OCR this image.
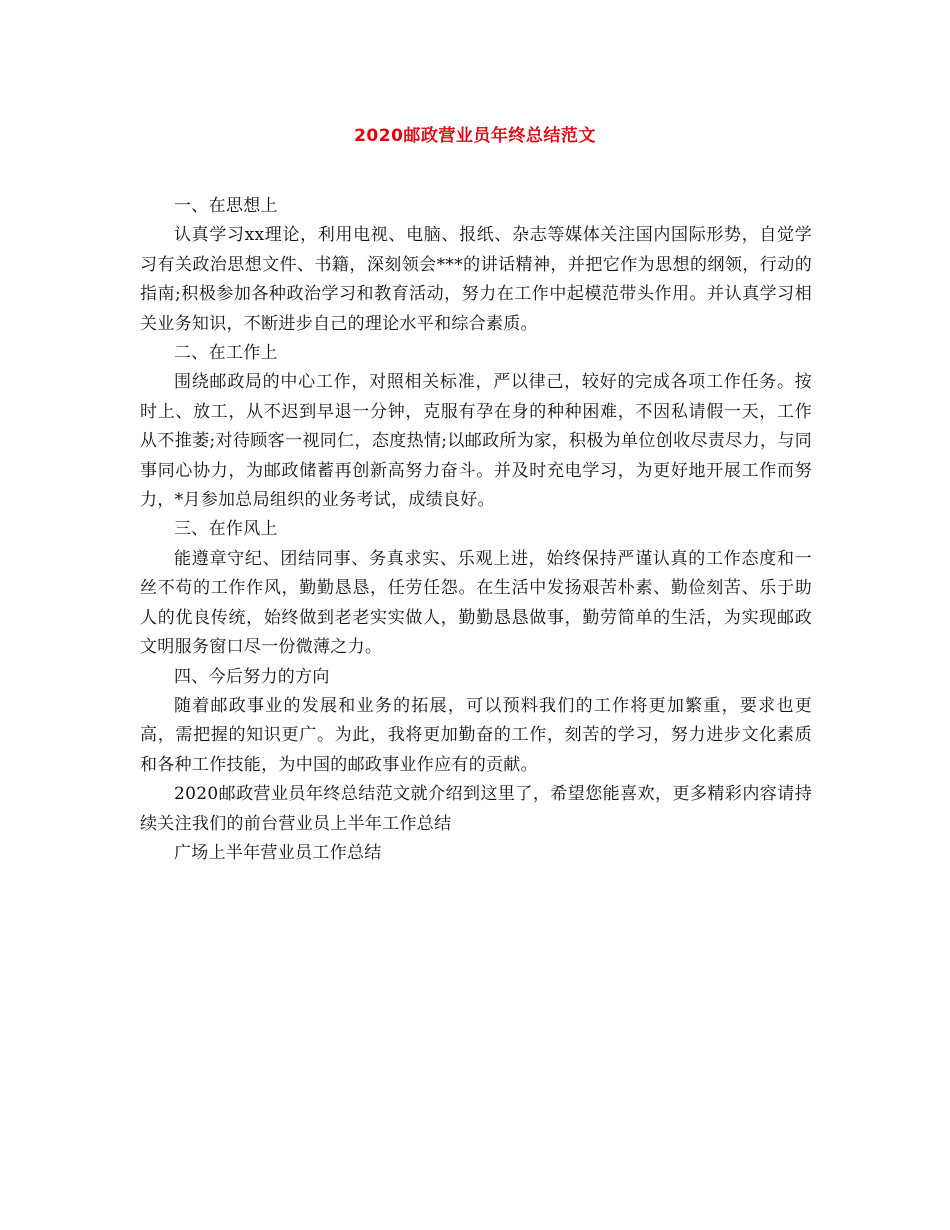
2020邮政营业员年终总结范文

一、在思想上

认真学习xx理论，利用电视、电脑、报纸、杂志等媒体关注国内国际形势，自觉学习有关政治思想文件、书籍，深刻领会***的讲话精神，并把它作为思想的纲领，行动的指南;积极参加各种政治学习和教育活动，努力在工作中起模范带头作用。并认真学习相关业务知识，不断进步自己的理论水平和综合素质。

二、在工作上

围绕邮政局的中心工作，对照相关标准，严以律己，较好的完成各项工作任务。按时上、放工，从不迟到早退一分钟，克服有孕在身的种种困难，不因私请假一天，工作从不推萎;对待顾客一视同仁，态度热情;以邮政所为家，积极为单位创收尽责尽力，与同事同心协力，为邮政储蓄再创新高努力奋斗。并及时充电学习，为更好地开展工作而努力，*月参加总局组织的业务考试，成绩良好。

三、在作风上

能遵章守纪、团结同事、务真求实、乐观上进，始终保持严谨认真的工作态度和一丝不苟的工作作风，勤勤恳恳，任劳任怨。在生活中发扬艰苦朴素、勤俭刻苦、乐于助人的优良传统，始终做到老老实实做人，勤勤恳恳做事，勤劳简单的生活，为实现邮政文明服务窗口尽一份微薄之力。

四、今后努力的方向

随着邮政事业的发展和业务的拓展，可以预料我们的工作将更加繁重，要求也更高，需把握的知识更广。为此，我将更加勤奋的工作，刻苦的学习，努力进步文化素质和各种工作技能，为中国的邮政事业作应有的贡献。

2020邮政营业员年终总结范文就介绍到这里了，希望您能喜欢，更多精彩内容请持续关注我们的前台营业员上半年工作总结

广场上半年营业员工作总结
